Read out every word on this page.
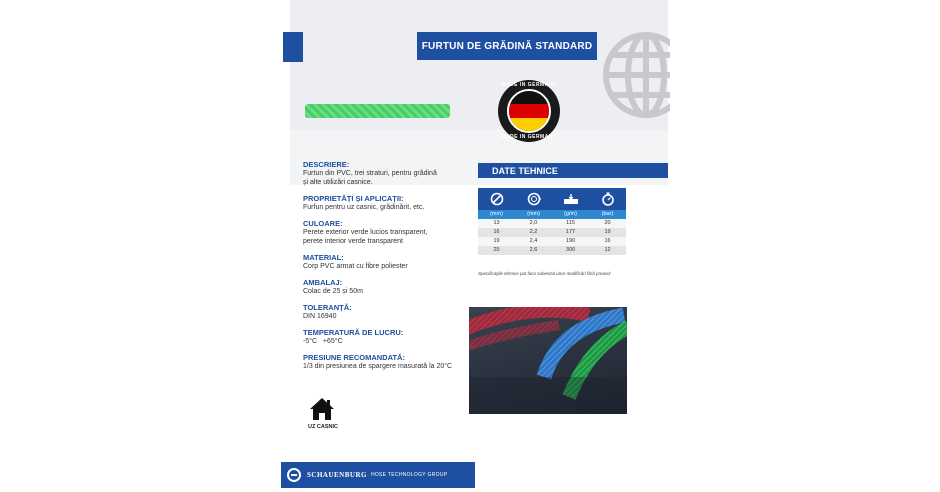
FURTUN DE GRĂDINĂ STANDARD
MADE IN GERMANY
MADE IN GERMANY
DESCRIERE:
Furtun din PVC, trei straturi, pentru grădină
și alte utilizări casnice.
PROPRIETĂȚI ȘI APLICAȚII:
Furfun pentru uz casnic, grădinărit, etc.
CULOARE:
Perete exterior verde lucios transparent,
perete interior verde transparent
MATERIAL:
Corp PVC armat cu fibre poliester
AMBALAJ:
Colac de 25 și 50m
TOLERANȚĂ:
DIN 16940
TEMPERATURĂ DE LUCRU:
-5°C   +65°C
PRESIUNE RECOMANDATĂ:
1/3 din presiunea de spargere masurată la 20°C
DATE TEHNICE
(mm)	(mm)	(g/m)	(bar)
13	2,0	115	20
16	2,2	177	19
19	2,4	190	16
25	2,6	300	12
Specificațiile tehnice pot face subiectul unor modificări fără preaviz
UZ CASNIC
SCHAUENBURG HOSE TECHNOLOGY GROUP
